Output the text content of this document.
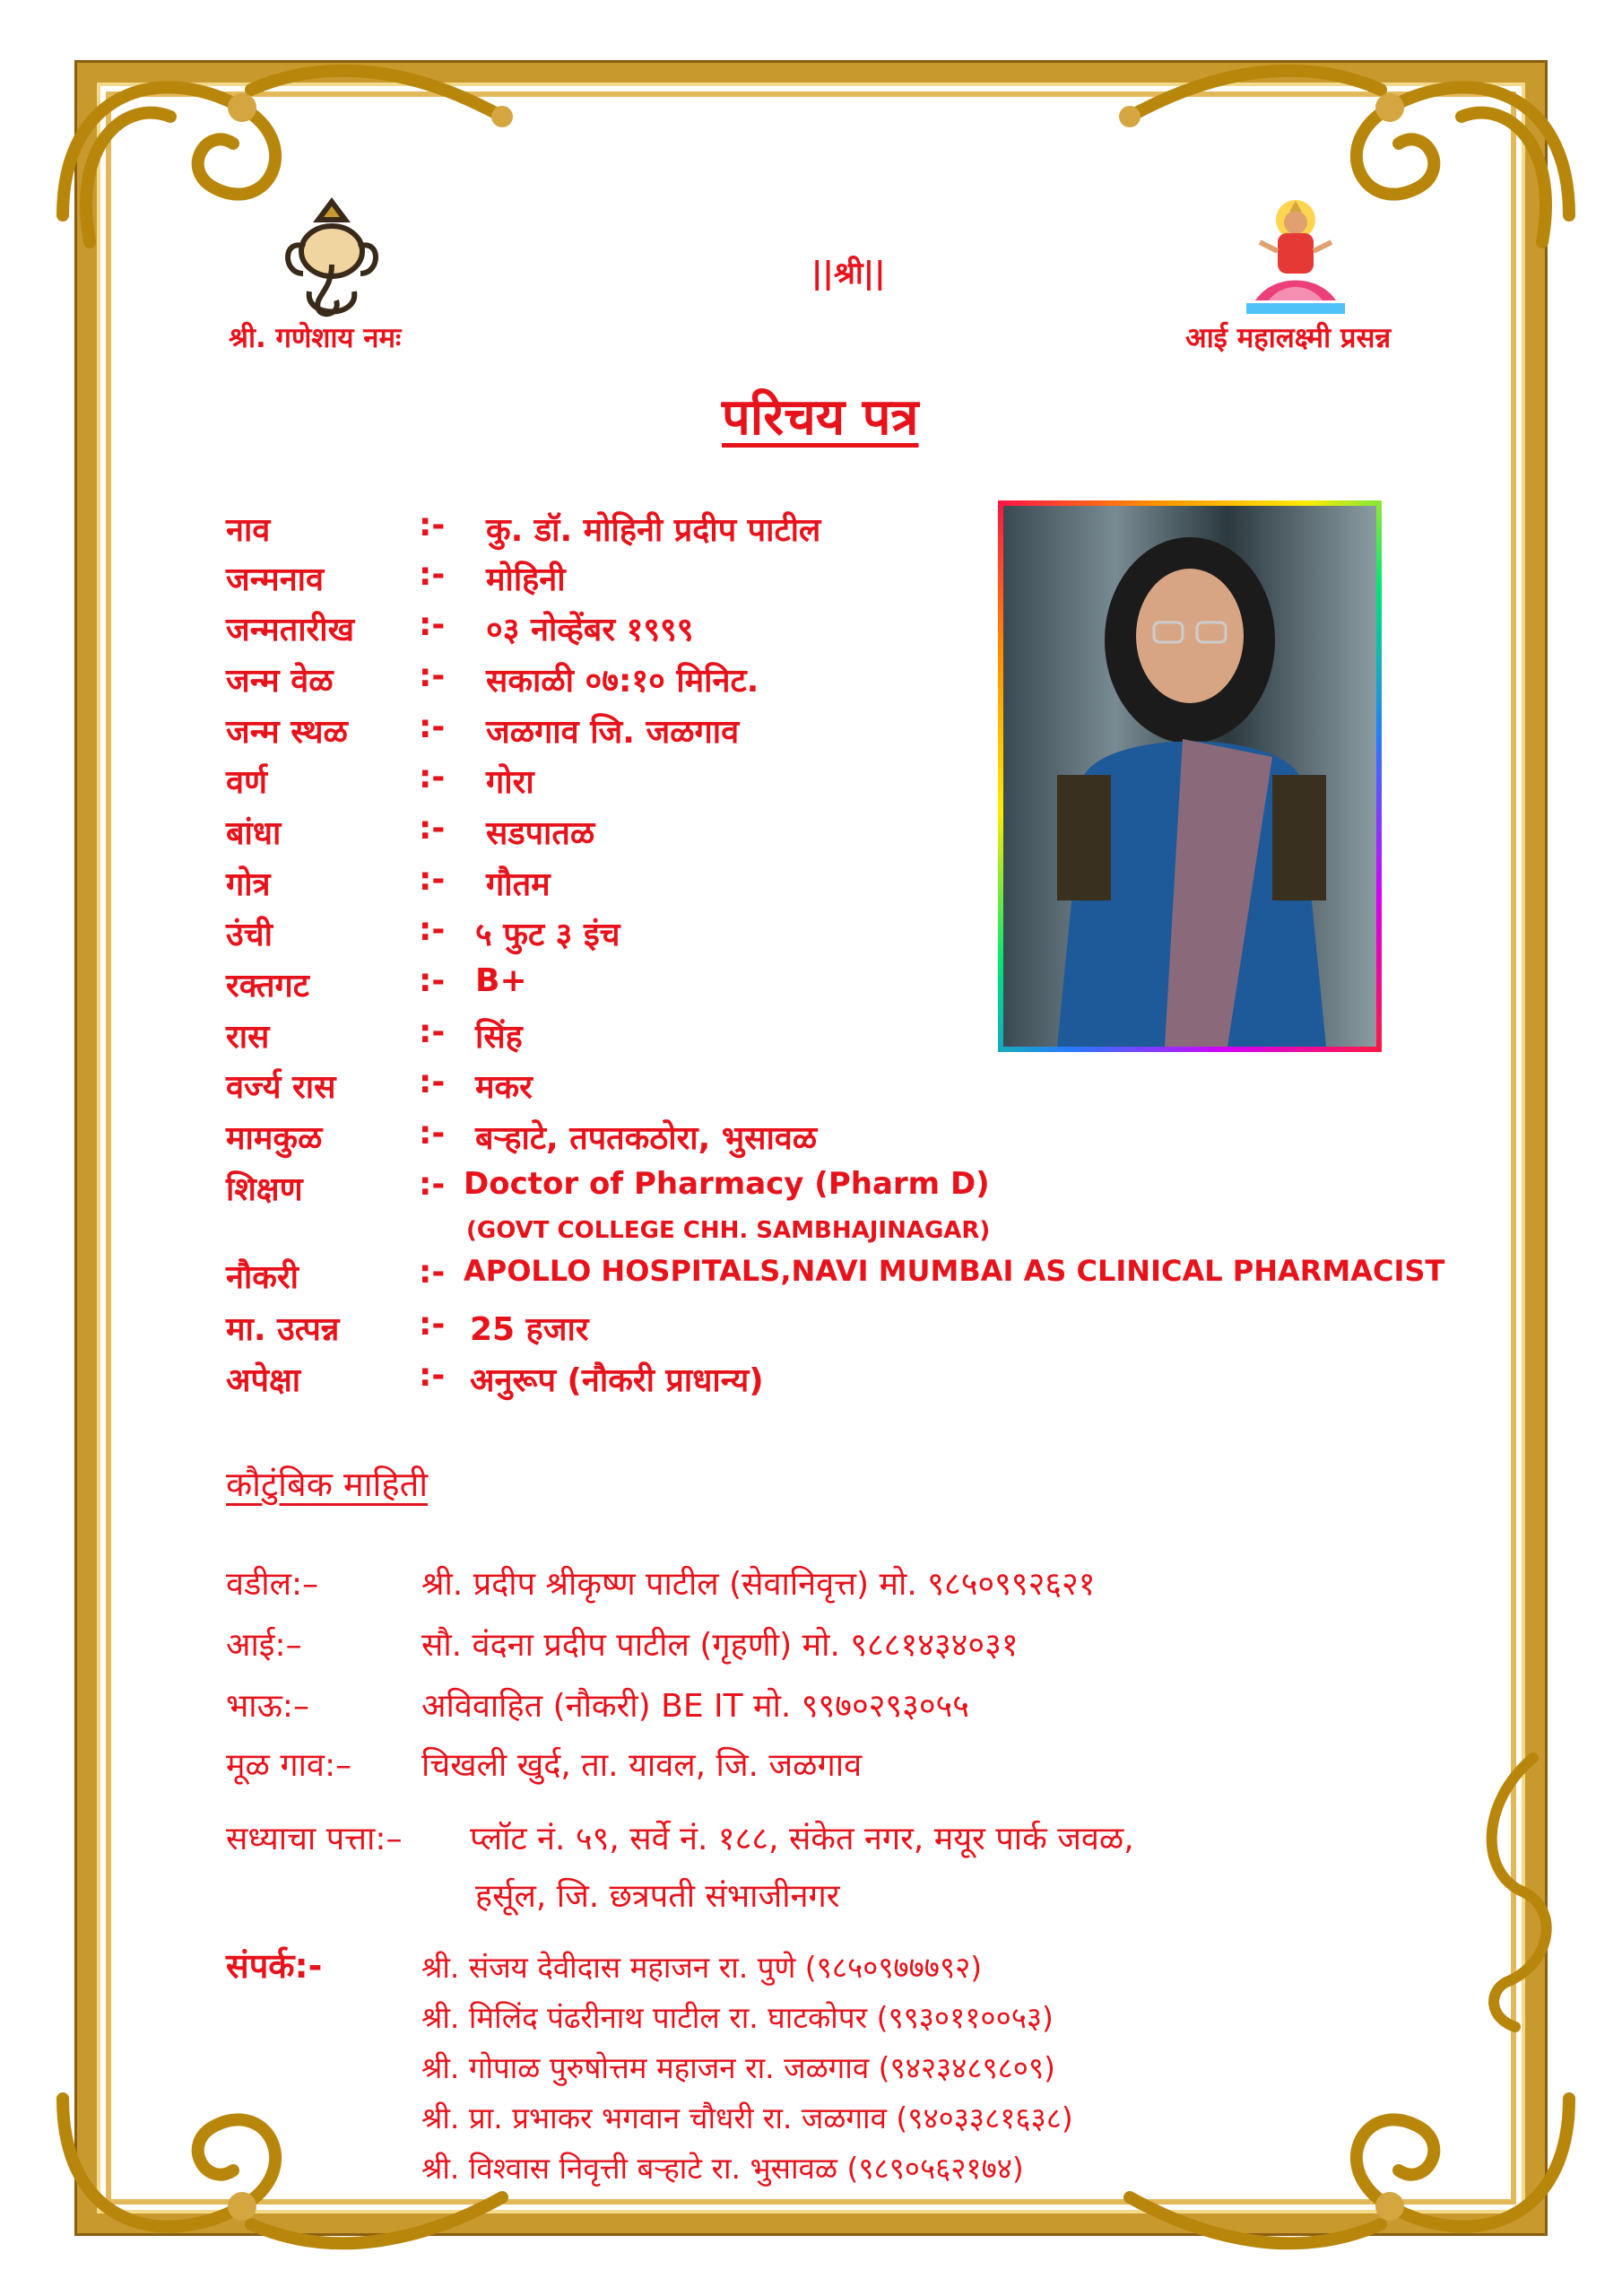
||श्री||
श्री. गणेशाय नमः	आई महालक्ष्मी प्रसन्न
परिचय पत्र
नाव	:- कु. डॉ. मोहिनी प्रदीप पाटील
जन्मनाव	:- मोहिनी
जन्मतारीख :- ०३ नोव्हेंबर १९९९
जन्म वेळ	:- सकाळी ०७:१० मिनिट.
जन्म स्थळ :- जळगाव जि. जळगाव
वर्ण	:- गोरा
बांधा	:- सडपातळ
गोत्र	:- गौतम
उंची	:- ५ फुट ३ इंच
रक्तगट	:- B+
रास	:- सिंह
वर्ज्य रास	:- मकर
मामकुळ	:- बऱ्हाटे, तपतकठोरा, भुसावळ
शिक्षण	:- Doctor of Pharmacy (Pharm D)
(GOVT COLLEGE CHH. SAMBHAJINAGAR)
नौकरी	:- APOLLO HOSPITALS,NAVI MUMBAI AS CLINICAL PHARMACIST
मा. उत्पन्न :- 25 हजार
अपेक्षा	:- अनुरूप (नौकरी प्राधान्य)
कौटुंबिक माहिती
वडील:–	श्री. प्रदीप श्रीकृष्ण पाटील (सेवानिवृत्त) मो. ९८५०९९२६२१
आई:–	सौ. वंदना प्रदीप पाटील (गृहणी) मो. ९८८१४३४०३१
भाऊ:–	अविवाहित (नौकरी) BE IT मो. ९९७०२९३०५५
मूळ गाव:– चिखली खुर्द, ता. यावल, जि. जळगाव
सध्याचा पत्ता:– प्लॉट नं. ५९, सर्वे नं. १८८, संकेत नगर, मयूर पार्क जवळ,
हर्सूल, जि. छत्रपती संभाजीनगर
संपर्क:-	श्री. संजय देवीदास महाजन रा. पुणे (९८५०९७७७९२)
श्री. मिलिंद पंढरीनाथ पाटील रा. घाटकोपर (९९३०११००५३)
श्री. गोपाळ पुरुषोत्तम महाजन रा. जळगाव (९४२३४८९८०९)
श्री. प्रा. प्रभाकर भगवान चौधरी रा. जळगाव (९४०३३८१६३८)
श्री. विश्वास निवृत्ती बऱ्हाटे रा. भुसावळ (९८९०५६२१७४)
